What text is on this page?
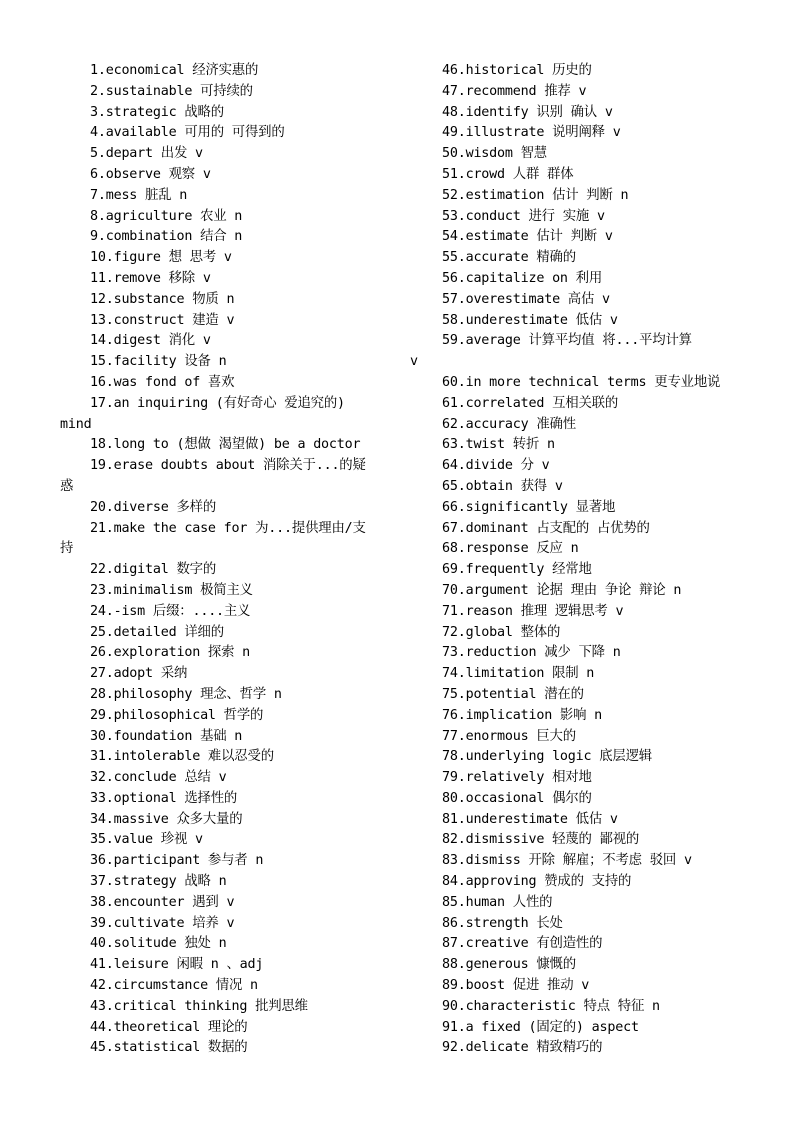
1.economical 经济实惠的
2.sustainable 可持续的
3.strategic 战略的
4.available 可用的 可得到的
5.depart 出发 v
6.observe 观察 v
7.mess 脏乱 n
8.agriculture 农业 n
9.combination 结合 n
10.figure 想 思考 v
11.remove 移除 v
12.substance 物质 n
13.construct 建造 v
14.digest 消化 v
15.facility 设备 n
16.was fond of 喜欢
17.an inquiring (有好奇心 爱追究的)
mind
18.long to (想做 渴望做) be a doctor
19.erase doubts about 消除关于...的疑
惑
20.diverse 多样的
21.make the case for 为...提供理由/支
持
22.digital 数字的
23.minimalism 极简主义
24.-ism 后缀：....主义
25.detailed 详细的
26.exploration 探索 n
27.adopt 采纳
28.philosophy 理念、哲学 n
29.philosophical 哲学的
30.foundation 基础 n
31.intolerable 难以忍受的
32.conclude 总结 v
33.optional 选择性的
34.massive 众多大量的
35.value 珍视 v
36.participant 参与者 n
37.strategy 战略 n
38.encounter 遇到 v
39.cultivate 培养 v
40.solitude 独处 n
41.leisure 闲暇 n 、adj
42.circumstance 情况 n
43.critical thinking 批判思维
44.theoretical 理论的
45.statistical 数据的
46.historical 历史的
47.recommend 推荐 v
48.identify 识别 确认 v
49.illustrate 说明阐释 v
50.wisdom 智慧
51.crowd 人群 群体
52.estimation 估计 判断 n
53.conduct 进行 实施 v
54.estimate 估计 判断 v
55.accurate 精确的
56.capitalize on 利用
57.overestimate 高估 v
58.underestimate 低估 v
59.average 计算平均值 将...平均计算
v
60.in more technical terms 更专业地说
61.correlated 互相关联的
62.accuracy 准确性
63.twist 转折 n
64.divide 分 v
65.obtain 获得 v
66.significantly 显著地
67.dominant 占支配的 占优势的
68.response 反应 n
69.frequently 经常地
70.argument 论据 理由 争论 辩论 n
71.reason 推理 逻辑思考 v
72.global 整体的
73.reduction 减少 下降 n
74.limitation 限制 n
75.potential 潜在的
76.implication 影响 n
77.enormous 巨大的
78.underlying logic 底层逻辑
79.relatively 相对地
80.occasional 偶尔的
81.underestimate 低估 v
82.dismissive 轻蔑的 鄙视的
83.dismiss 开除 解雇；不考虑 驳回 v
84.approving 赞成的 支持的
85.human 人性的
86.strength 长处
87.creative 有创造性的
88.generous 慷慨的
89.boost 促进 推动 v
90.characteristic 特点 特征 n
91.a fixed (固定的) aspect
92.delicate 精致精巧的
